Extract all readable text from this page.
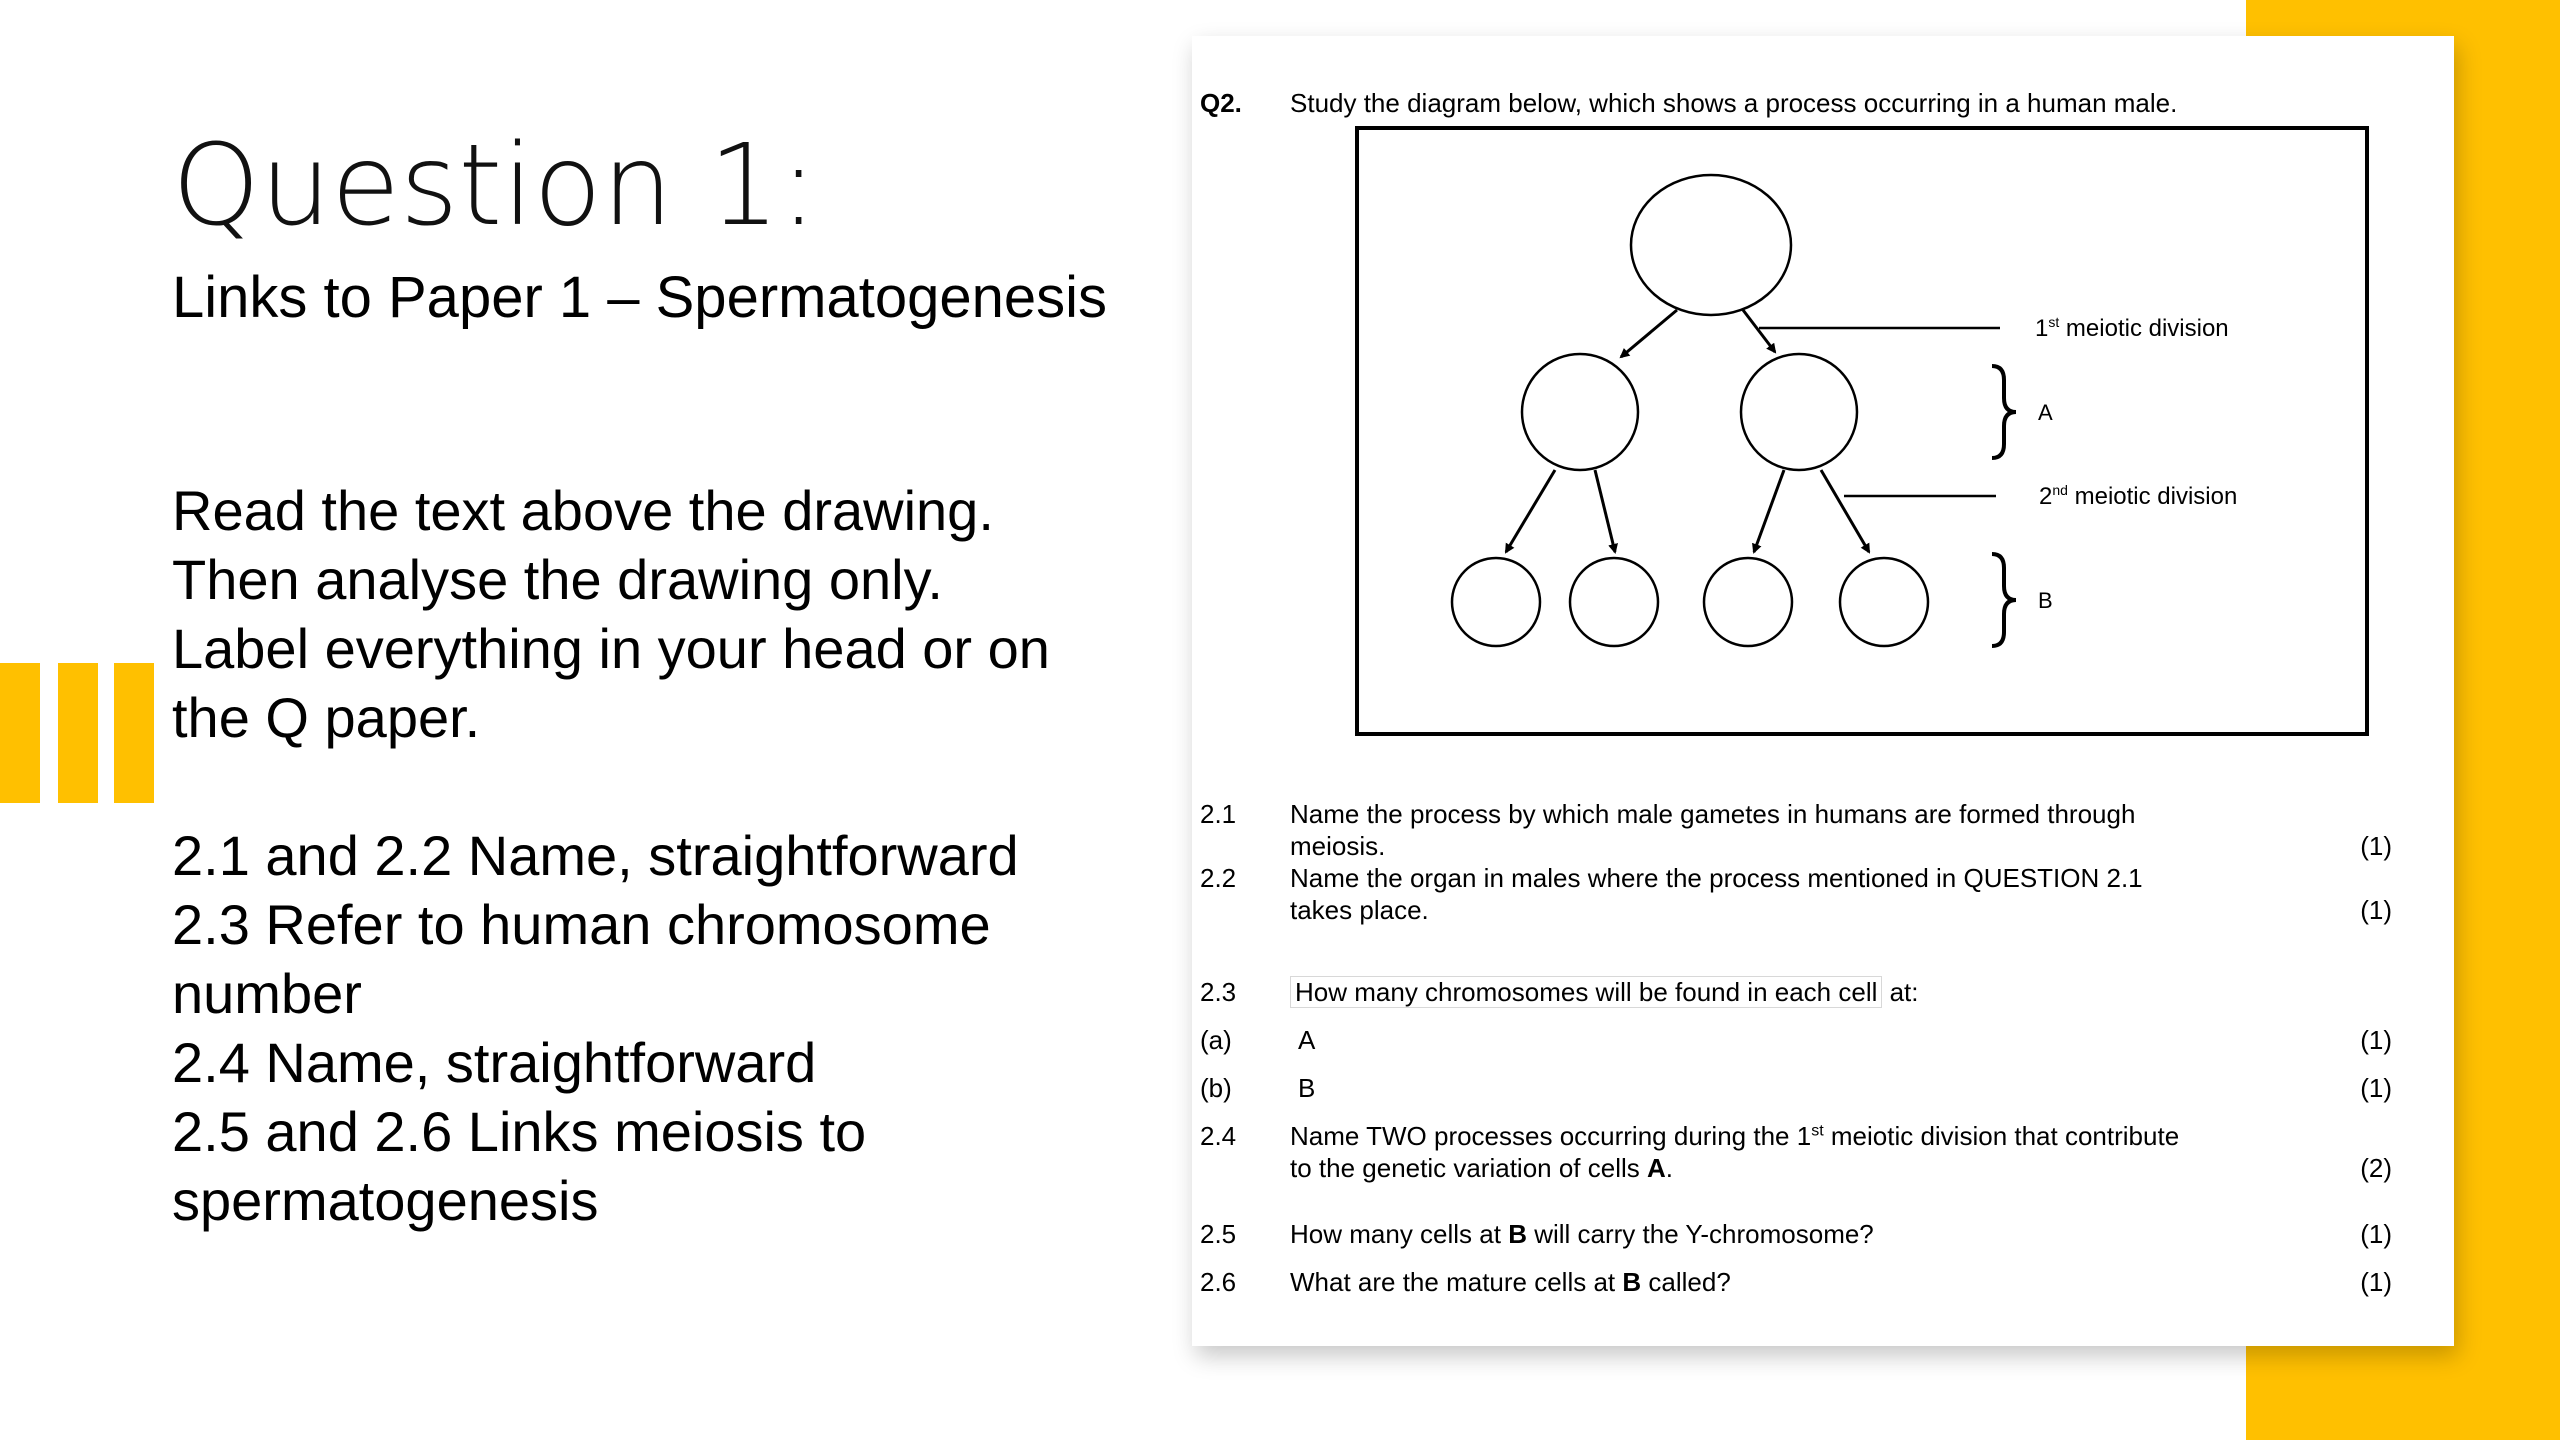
Question 1:
Links to Paper 1 – Spermatogenesis
Read the text above the drawing.
Then analyse the drawing only.
Label everything in your head or on
the Q paper.
2.1 and 2.2 Name, straightforward
2.3 Refer to human chromosome
number
2.4 Name, straightforward
2.5 and 2.6 Links meiosis to
spermatogenesis
Q2.	Study the diagram below, which shows a process occurring in a human male.
1st meiotic division
2nd meiotic division
A
B
2.1	Name the process by which male gametes in humans are formed through
meiosis.	(1)
2.2	Name the organ in males where the process mentioned in QUESTION 2.1
takes place.	(1)
2.3	How many chromosomes will be found in each cell at:
(a)	A	(1)
(b)	B	(1)
2.4	Name TWO processes occurring during the 1st meiotic division that contribute
to the genetic variation of cells A.	(2)
2.5	How many cells at B will carry the Y-chromosome?	(1)
2.6	What are the mature cells at B called?	(1)
